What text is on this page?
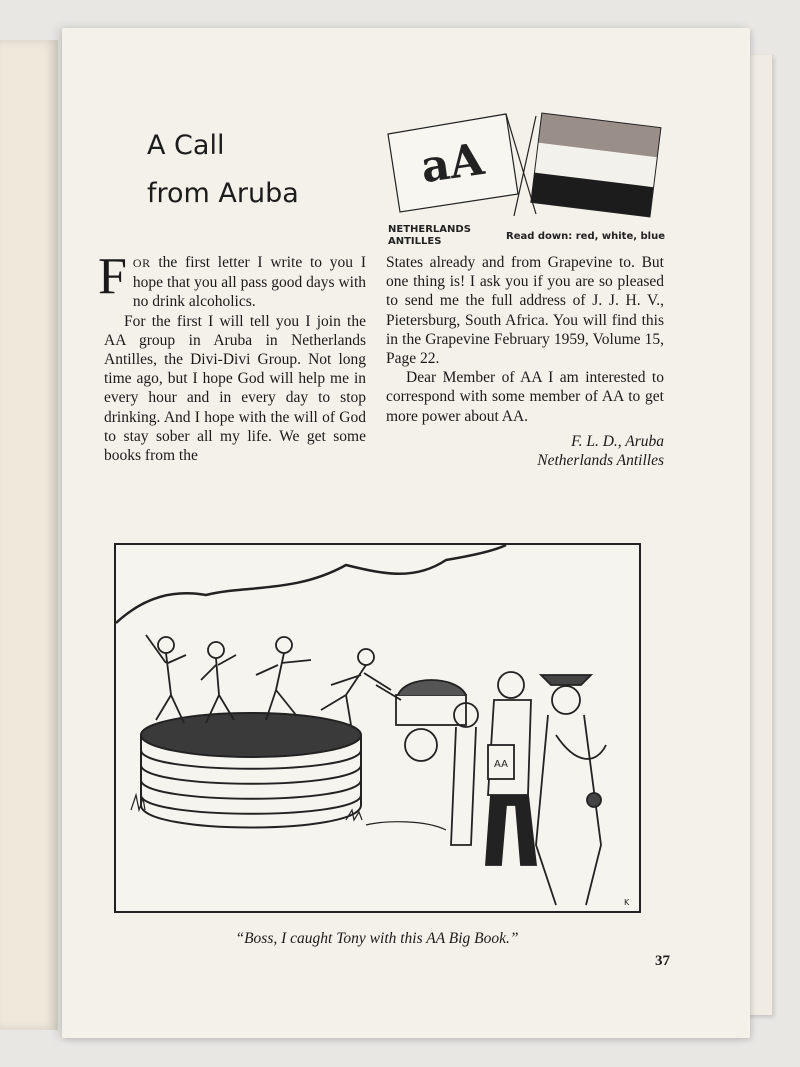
A Call
from Aruba
aA
NETHERLANDS
ANTILLES	Read down: red, white, blue

FOR the first letter I write to you I hope that you all pass good days with no drink alcoholics.

For the first I will tell you I join the AA group in Aruba in Netherlands Antilles, the Divi-Divi Group. Not long time ago, but I hope God will help me in every hour and in every day to stop drinking. And I hope with the will of God to stay sober all my life. We get some books from the

States already and from Grapevine to. But one thing is! I ask you if you are so pleased to send me the full address of J. J. H. V., Pietersburg, South Africa. You will find this in the Grapevine February 1959, Volume 15, Page 22.

Dear Member of AA I am interested to correspond with some member of AA to get more power about AA.

F. L. D., Aruba
Netherlands Antilles
AA
K
“Boss, I caught Tony with this AA Big Book.”
37
